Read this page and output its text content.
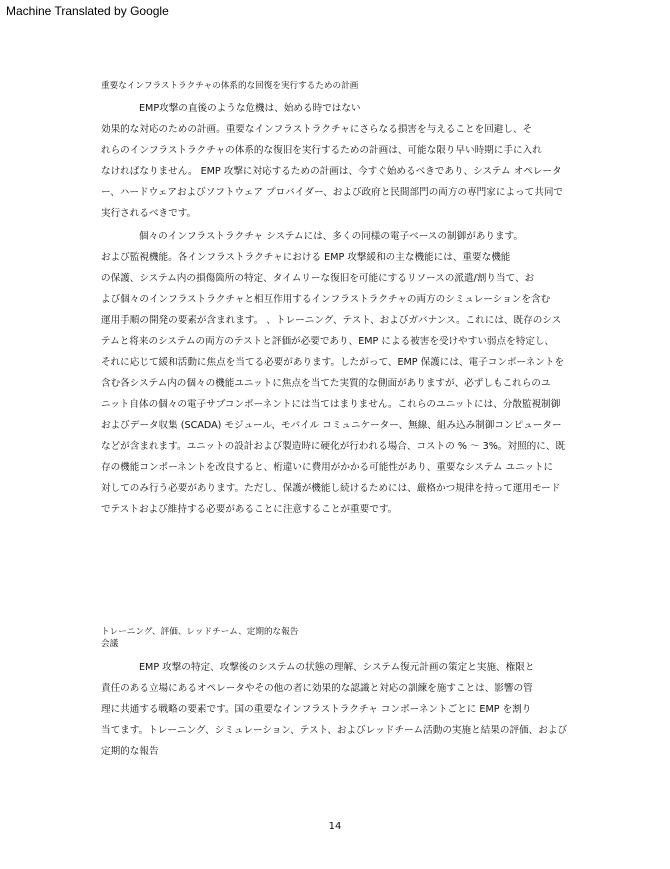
Machine Translated by Google
重要なインフラストラクチャの体系的な回復を実行するための計画
EMP攻撃の直後のような危機は、始める時ではない
効果的な対応のための計画。重要なインフラストラクチャにさらなる損害を与えることを回避し、そ
れらのインフラストラクチャの体系的な復旧を実行するための計画は、可能な限り早い時期に手に入れ
なければなりません。 EMP 攻撃に対応するための計画は、今すぐ始めるべきであり、システム オペレータ
ー、ハードウェアおよびソフトウェア プロバイダー、および政府と民間部門の両方の専門家によって共同で
実行されるべきです。
個々のインフラストラクチャ システムには、多くの同様の電子ベースの制御があります。
および監視機能。各インフラストラクチャにおける EMP 攻撃緩和の主な機能には、重要な機能
の保護、システム内の損傷箇所の特定、タイムリーな復旧を可能にするリソースの派遣/割り当て、お
よび個々のインフラストラクチャと相互作用するインフラストラクチャの両方のシミュレーションを含む
運用手順の開発の要素が含まれます。 、トレーニング、テスト、およびガバナンス。これには、既存のシス
テムと将来のシステムの両方のテストと評価が必要であり、EMP による被害を受けやすい弱点を特定し、
それに応じて緩和活動に焦点を当てる必要があります。したがって、EMP 保護には、電子コンポーネントを
含む各システム内の個々の機能ユニットに焦点を当てた実質的な側面がありますが、必ずしもこれらのユ
ニット自体の個々の電子サブコンポーネントには当てはまりません。これらのユニットには、分散監視制御
およびデータ収集 (SCADA) モジュール、モバイル コミュニケーター、無線、組み込み制御コンピューター
などが含まれます。ユニットの設計および製造時に硬化が行われる場合、コストの % ～ 3%。対照的に、既
存の機能コンポーネントを改良すると、桁違いに費用がかかる可能性があり、重要なシステム ユニットに
対してのみ行う必要があります。ただし、保護が機能し続けるためには、厳格かつ規律を持って運用モード
でテストおよび維持する必要があることに注意することが重要です。
トレーニング、評価、レッドチーム、定期的な報告
会議
EMP 攻撃の特定、攻撃後のシステムの状態の理解、システム復元計画の策定と実施、権限と
責任のある立場にあるオペレータやその他の者に効果的な認識と対応の訓練を施すことは、影響の管
理に共通する戦略の要素です。国の重要なインフラストラクチャ コンポーネントごとに EMP を割り
当てます。トレーニング、シミュレーション、テスト、およびレッドチーム活動の実施と結果の評価、および
定期的な報告
14
